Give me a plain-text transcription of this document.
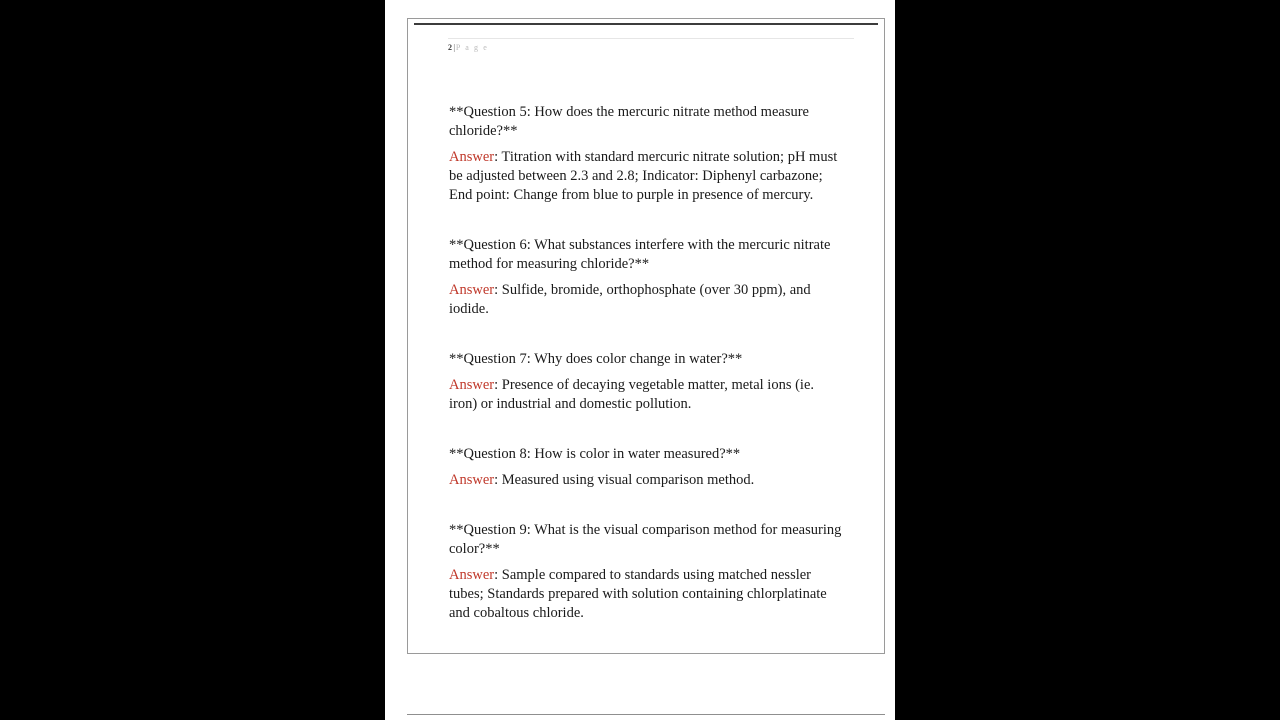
2|P a g e

**Question 5: How does the mercuric nitrate method measure chloride?**

Answer: Titration with standard mercuric nitrate solution; pH must be adjusted between 2.3 and 2.8; Indicator: Diphenyl carbazone; End point: Change from blue to purple in presence of mercury.

**Question 6: What substances interfere with the mercuric nitrate method for measuring chloride?**

Answer: Sulfide, bromide, orthophosphate (over 30 ppm), and iodide.

**Question 7: Why does color change in water?**

Answer: Presence of decaying vegetable matter, metal ions (ie. iron) or industrial and domestic pollution.

**Question 8: How is color in water measured?**

Answer: Measured using visual comparison method.

**Question 9: What is the visual comparison method for measuring color?**

Answer: Sample compared to standards using matched nessler tubes; Standards prepared with solution containing chlorplatinate and cobaltous chloride.
